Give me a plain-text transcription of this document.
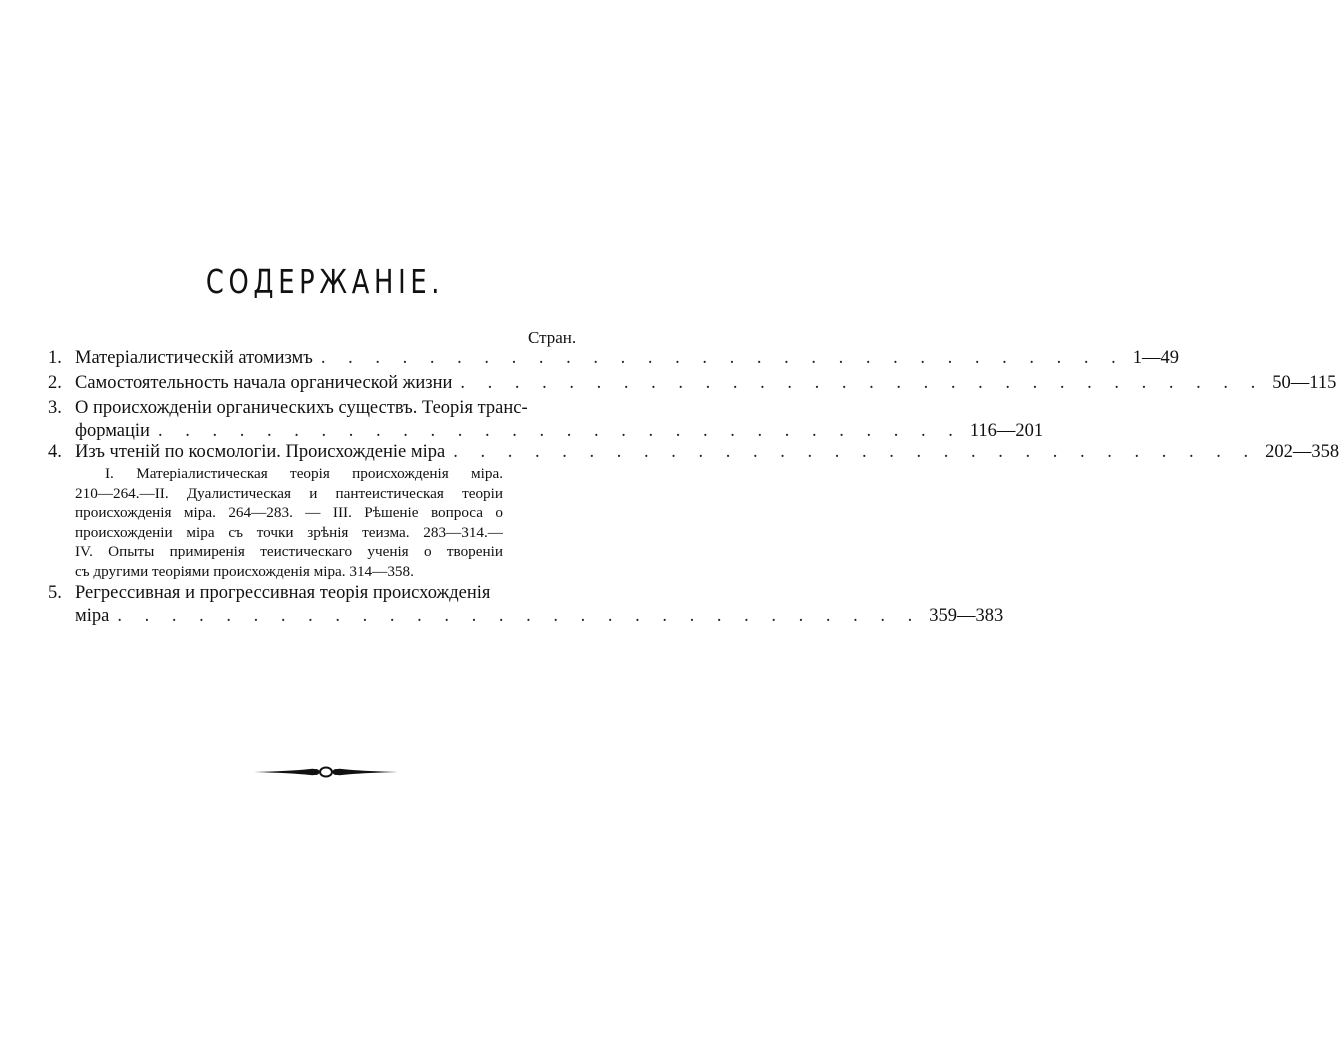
СОДЕРЖАНІЕ.
Стран.
1. Матеріалистическій атомизмъ . . . . . . . . . . . . . . . . . . . . . . . . . . . . . . 1—49
2. Самостоятельность начала органической жизни . . . . . . . . . . . . . . . . . . . . . . . . . . . . . . 50—115
3. О происхожденіи органическихъ существъ. Теорія транс-
формаціи . . . . . . . . . . . . . . . . . . . . . . . . . . . . . . 116—201
4. Изъ чтеній по космологіи. Происхожденіе міра . . . . . . . . . . . . . . . . . . . . . . . . . . . . . . 202—358
I. Матеріалистическая теорія происхожденія міра.
210—264.—II. Дуалистическая и пантеистическая теоріи
происхожденія міра. 264—283. — III. Рѣшеніе вопроса о
происхожденіи міра съ точки зрѣнія теизма. 283—314.—
IV. Опыты примиренія теистическаго ученія о твореніи
съ другими теоріями происхожденія міра. 314—358.
5. Регрессивная и прогрессивная теорія происхожденія
міра . . . . . . . . . . . . . . . . . . . . . . . . . . . . . . 359—383
